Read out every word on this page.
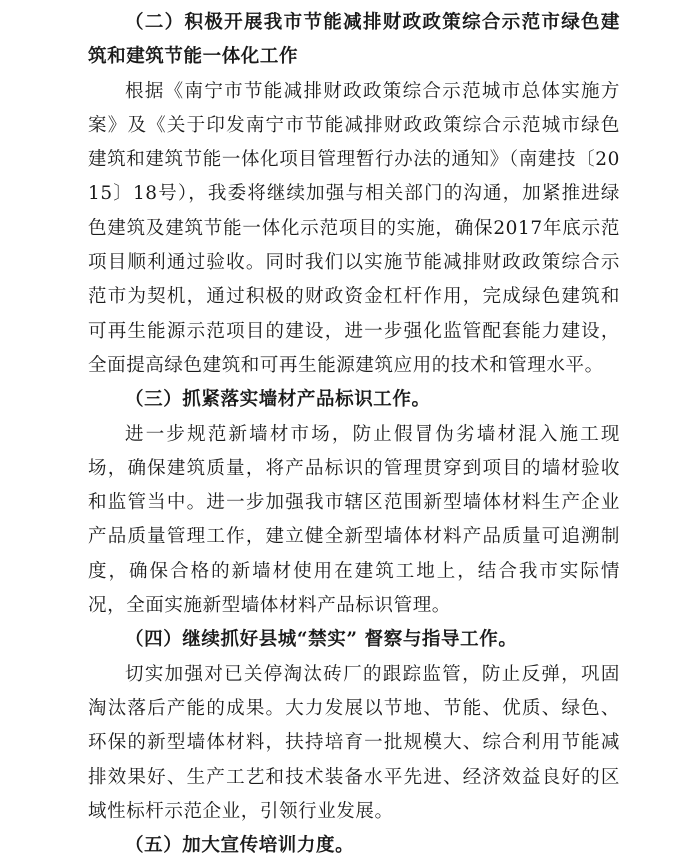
（二）积极开展我市节能减排财政政策综合示范市绿色建筑和建筑节能一体化工作

根据《南宁市节能减排财政政策综合示范城市总体实施方案》及《关于印发南宁市节能减排财政政策综合示范城市绿色建筑和建筑节能一体化项目管理暂行办法的通知》（南建技〔2015〕18号），我委将继续加强与相关部门的沟通，加紧推进绿色建筑及建筑节能一体化示范项目的实施，确保2017年底示范项目顺利通过验收。同时我们以实施节能减排财政政策综合示范市为契机，通过积极的财政资金杠杆作用，完成绿色建筑和可再生能源示范项目的建设，进一步强化监管配套能力建设，全面提高绿色建筑和可再生能源建筑应用的技术和管理水平。

（三）抓紧落实墙材产品标识工作。

进一步规范新墙材市场，防止假冒伪劣墙材混入施工现场，确保建筑质量，将产品标识的管理贯穿到项目的墙材验收和监管当中。进一步加强我市辖区范围新型墙体材料生产企业产品质量管理工作，建立健全新型墙体材料产品质量可追溯制度，确保合格的新墙材使用在建筑工地上，结合我市实际情况，全面实施新型墙体材料产品标识管理。

（四）继续抓好县城“禁实” 督察与指导工作。

切实加强对已关停淘汰砖厂的跟踪监管，防止反弹，巩固淘汰落后产能的成果。大力发展以节地、节能、优质、绿色、环保的新型墙体材料，扶持培育一批规模大、综合利用节能减排效果好、生产工艺和技术装备水平先进、经济效益良好的区域性标杆示范企业，引领行业发展。

（五）加大宣传培训力度。
